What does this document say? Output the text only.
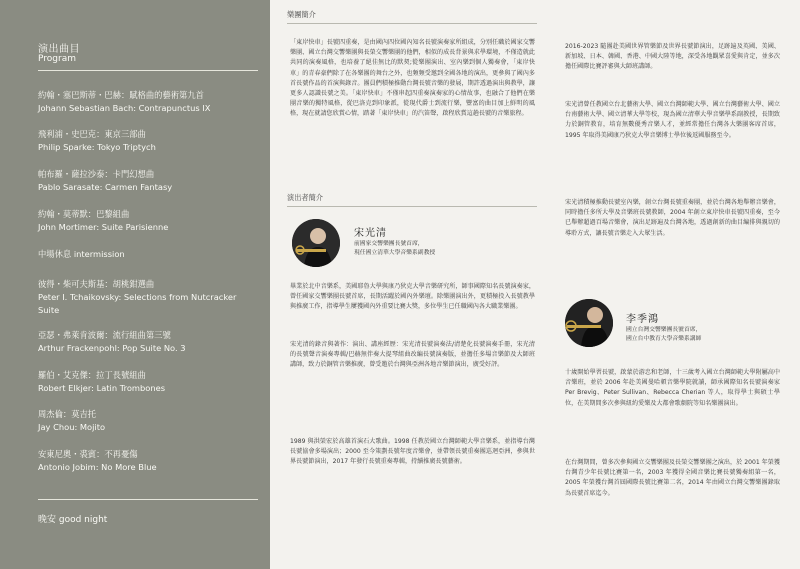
演出曲目
Program
約翰・塞巴斯蒂・巴赫：賦格曲的藝術第九首
Johann Sebastian Bach: Contrapunctus IX
飛利浦・史巴克：東京三部曲
Philip Sparke: Tokyo Triptych
帕布羅・薩拉沙泰：卡門幻想曲
Pablo Sarasate: Carmen Fantasy
約翰・莫蒂默：巴黎組曲
John Mortimer: Suite Parisienne
中場休息 intermission
彼得・柴可夫斯基：胡桃鉗選曲
Peter I. Tchaikovsky: Selections from Nutcracker Suite
亞瑟・弗萊肯波爾：流行組曲第三號
Arthur Frackenpohl: Pop Suite No. 3
羅伯・艾克傑：拉丁長號組曲
Robert Elkjer: Latin Trombones
周杰倫：莫吉托
Jay Chou: Mojito
安東尼奧・裘賓：不再憂傷
Antonio Jobim: No More Blue
晚安 good night
樂團簡介
「東岸快車」長號四重奏，是由國內四位國內知名長號演奏家所組成，分別任職於國家交響樂團、國立台灣交響樂團與長榮交響樂團的他們，相似的成長背景與求學環境，不僅造就此共同的演奏風格，也培養了絕佳無比的默契;從樂團演出、室內樂到個人獨奏會，「東岸快車」的青春豪們除了在各樂團的舞台之外，也頻頻受邀到全國各地的演出，更參與了國內多首長號作品的首演與錄音。團員們積極推動台灣長號音樂的發展，期許透過演出與教學，讓更多人認識長號之美。「東岸快車」不僅串起四重奏演奏家的心情故事，也融合了他們在樂團音樂的獨特風格，從巴洛克到印象派，從現代爵士到流行樂，豐富的曲目加上鮮明的風格，現在就請您欣賞心情，踏著「東岸快車」的汽笛聲，啟程欣賞這趟長號的音樂旅程。
演出者簡介
宋光清
前國家交響樂團長號首席，
現任國立清華大學音樂系副教授
畢業於北中音樂系，美國耶魯大學與康乃狄克大學音樂研究所，師事國際知名長號演奏家，曾任國家交響樂團長號首席，長期活躍於國內外樂壇。除樂團演出外，更積極投入長號教學與推廣工作，指導學生屢獲國內外重要比賽大獎，多位學生已任職國內各大職業樂團。
宋光清的錄音與著作：演出、講座經歷：宋光清長號演奏法/清楚化長號演奏手冊，宋光清的長號聲音演奏專輯/巴赫無伴奏大提琴組曲改編長號演奏版，並擔任多場音樂節及大師班講師，致力於銅管音樂推廣，曾受邀於台灣與亞洲各地音樂節演出，廣受好評。
1989 與洪榮宏於高雄首演石大歌曲。1998 任教於國立台灣師範大學音樂系，並指導台灣長號協會多場演出；2000 至今策劃長號年度音樂會，並帶領長號重奏團巡迴亞洲，參與世界長號節演出，2017 年發行長號重奏專輯，持續推廣長號藝術。
2016-2023 隨團赴美國世界管樂節及世界長號節演出，足跡遍及英國、美國、新加坡、日本、韓國、香港、中國大陸等地，深受各地觀眾喜愛與肯定，並多次擔任國際比賽評審與大師班講師。
宋光清曾任教國立台北藝術大學、國立台灣師範大學、國立台灣藝術大學、國立台南藝術大學、國立清華大學等校，現為國立清華大學音樂學系副教授，長期致力於銅管教育，培育無數優秀音樂人才，並經常擔任台灣各大樂團客席首席，1995 年取得美國康乃狄克大學音樂博士學位後返國服務至今。
宋光清積極推動長號室內樂，創立台灣長號重奏團，並於台灣各地舉辦音樂會，同時擔任多所大學及音樂班長號教師，2004 年創立東岸快車長號四重奏，至今已舉辦超過百場音樂會，演出足跡遍及台灣各地，透過創新的曲目編排與親切的導聆方式，讓長號音樂走入大眾生活。
李季鴻
國立台灣交響樂團長號首席，
國立台中教育大學音樂系講師
十歲開始學習長號，啟蒙於游忠和老師，十三歲考入國立台灣師範大學附屬高中音樂班，並於 2006 年赴美國曼哈頓音樂學院就讀，師承國際知名長號演奏家 Per Brevig、Peter Sullivan、Rebecca Cherian 等人，取得學士與碩士學位，在美期間多次參與紐約愛樂及大都會歌劇院等知名樂團演出。
在台灣期間，曾多次參與國立交響樂團及長榮交響樂團之演出，於 2001 年榮獲台灣青少年長號比賽第一名，2003 年獲得全國音樂比賽長號獨奏組第一名，2005 年榮獲台灣首屆國際長號比賽第二名，2014 年由國立台灣交響樂團錄取為長號首席迄今。
